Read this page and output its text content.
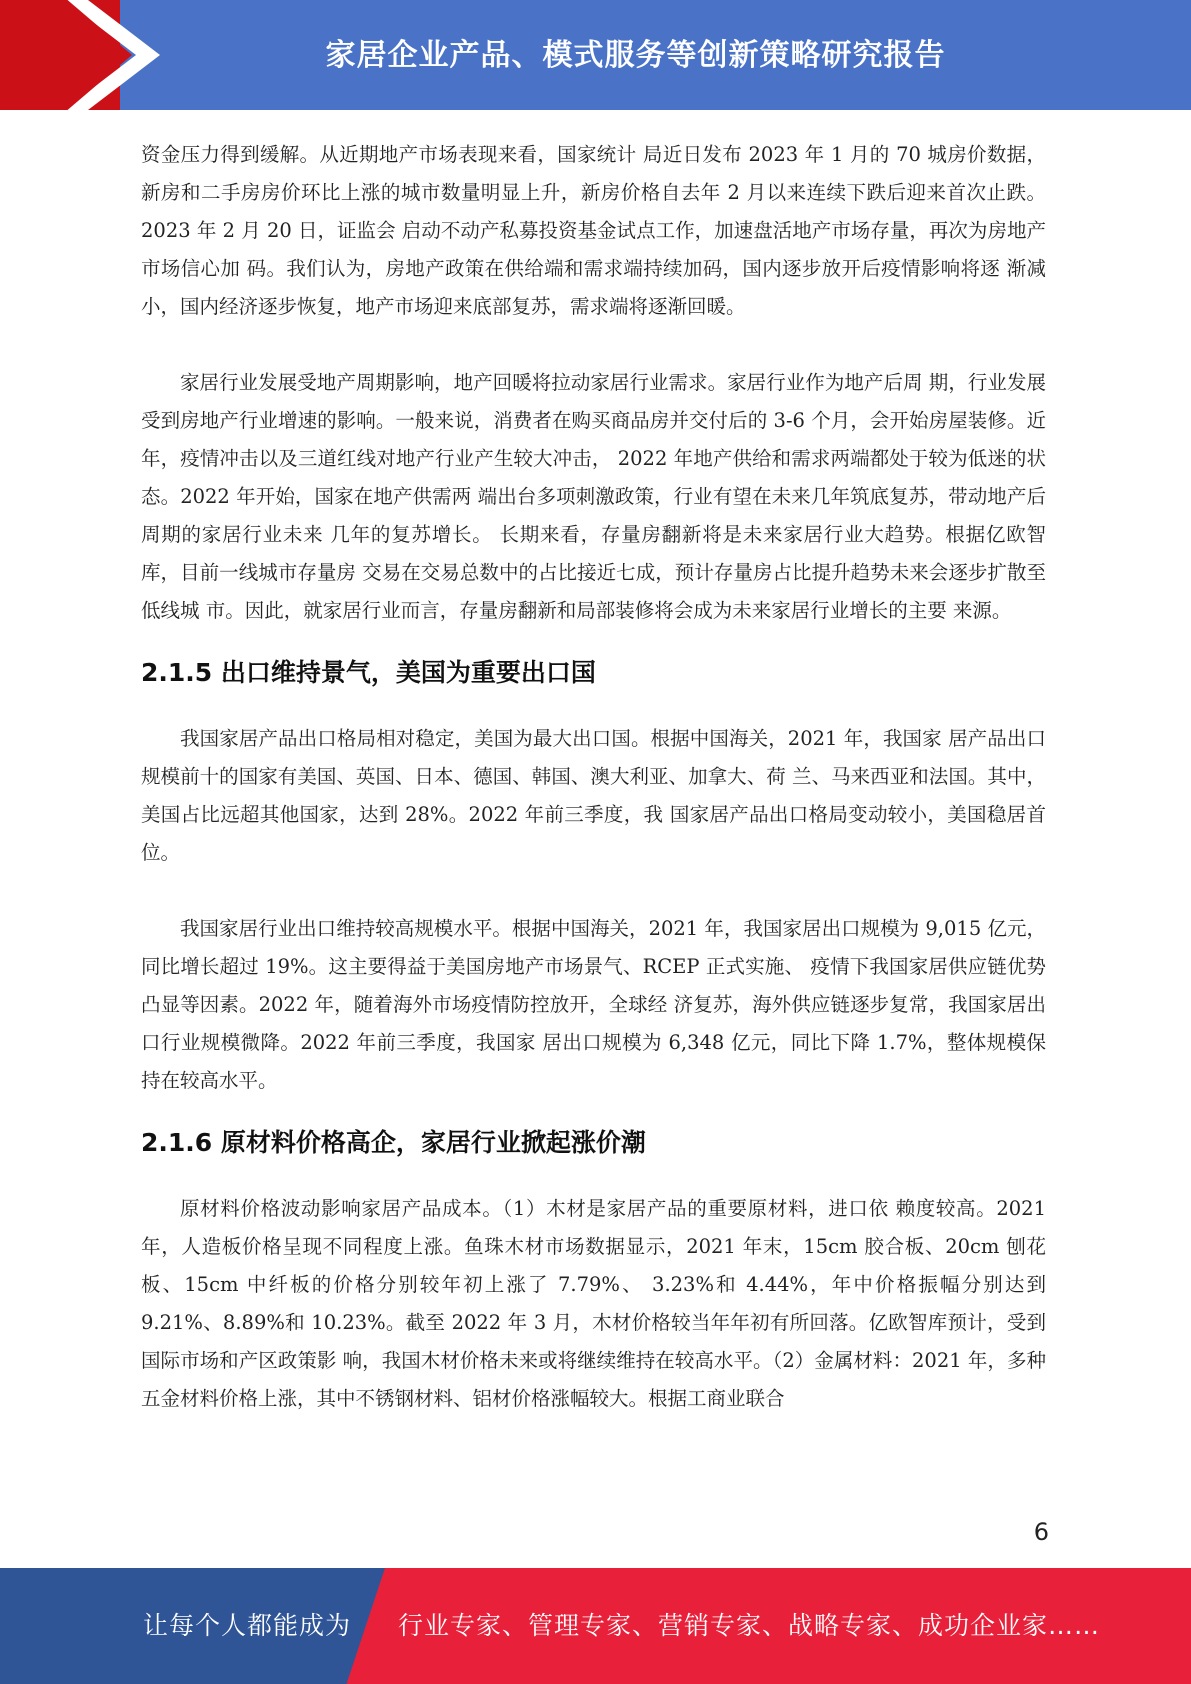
家居企业产品、模式服务等创新策略研究报告

资金压力得到缓解。从近期地产市场表现来看，国家统计 局近日发布 2023 年 1 月的 70 城房价数据，新房和二手房房价环比上涨的城市数量明显上升，新房价格自去年 2 月以来连续下跌后迎来首次止跌。2023 年 2 月 20 日，证监会 启动不动产私募投资基金试点工作，加速盘活地产市场存量，再次为房地产市场信心加 码。我们认为，房地产政策在供给端和需求端持续加码，国内逐步放开后疫情影响将逐 渐减小，国内经济逐步恢复，地产市场迎来底部复苏，需求端将逐渐回暖。

家居行业发展受地产周期影响，地产回暖将拉动家居行业需求。家居行业作为地产后周 期，行业发展受到房地产行业增速的影响。一般来说，消费者在购买商品房并交付后的 3-6 个月，会开始房屋装修。近年，疫情冲击以及三道红线对地产行业产生较大冲击， 2022 年地产供给和需求两端都处于较为低迷的状态。2022 年开始，国家在地产供需两 端出台多项刺激政策，行业有望在未来几年筑底复苏，带动地产后周期的家居行业未来 几年的复苏增长。 长期来看，存量房翻新将是未来家居行业大趋势。根据亿欧智库，目前一线城市存量房 交易在交易总数中的占比接近七成，预计存量房占比提升趋势未来会逐步扩散至低线城 市。因此，就家居行业而言，存量房翻新和局部装修将会成为未来家居行业增长的主要 来源。

2.1.5 出口维持景气，美国为重要出口国

我国家居产品出口格局相对稳定，美国为最大出口国。根据中国海关，2021 年，我国家 居产品出口规模前十的国家有美国、英国、日本、德国、韩国、澳大利亚、加拿大、荷 兰、马来西亚和法国。其中，美国占比远超其他国家，达到 28%。2022 年前三季度，我 国家居产品出口格局变动较小，美国稳居首位。

我国家居行业出口维持较高规模水平。根据中国海关，2021 年，我国家居出口规模为 9,015 亿元，同比增长超过 19%。这主要得益于美国房地产市场景气、RCEP 正式实施、 疫情下我国家居供应链优势凸显等因素。2022 年，随着海外市场疫情防控放开，全球经 济复苏，海外供应链逐步复常，我国家居出口行业规模微降。2022 年前三季度，我国家 居出口规模为 6,348 亿元，同比下降 1.7%，整体规模保持在较高水平。

2.1.6 原材料价格高企，家居行业掀起涨价潮

原材料价格波动影响家居产品成本。（1）木材是家居产品的重要原材料，进口依 赖度较高。2021 年，人造板价格呈现不同程度上涨。鱼珠木材市场数据显示，2021 年末，15cm 胶合板、20cm 刨花板、15cm 中纤板的价格分别较年初上涨了 7.79%、 3.23%和 4.44%，年中价格振幅分别达到 9.21%、8.89%和 10.23%。截至 2022 年 3 月，木材价格较当年年初有所回落。亿欧智库预计，受到国际市场和产区政策影 响，我国木材价格未来或将继续维持在较高水平。（2）金属材料：2021 年，多种 五金材料价格上涨，其中不锈钢材料、铝材价格涨幅较大。根据工商业联合

6
让每个人都能成为 行业专家、管理专家、营销专家、战略专家、成功企业家……
